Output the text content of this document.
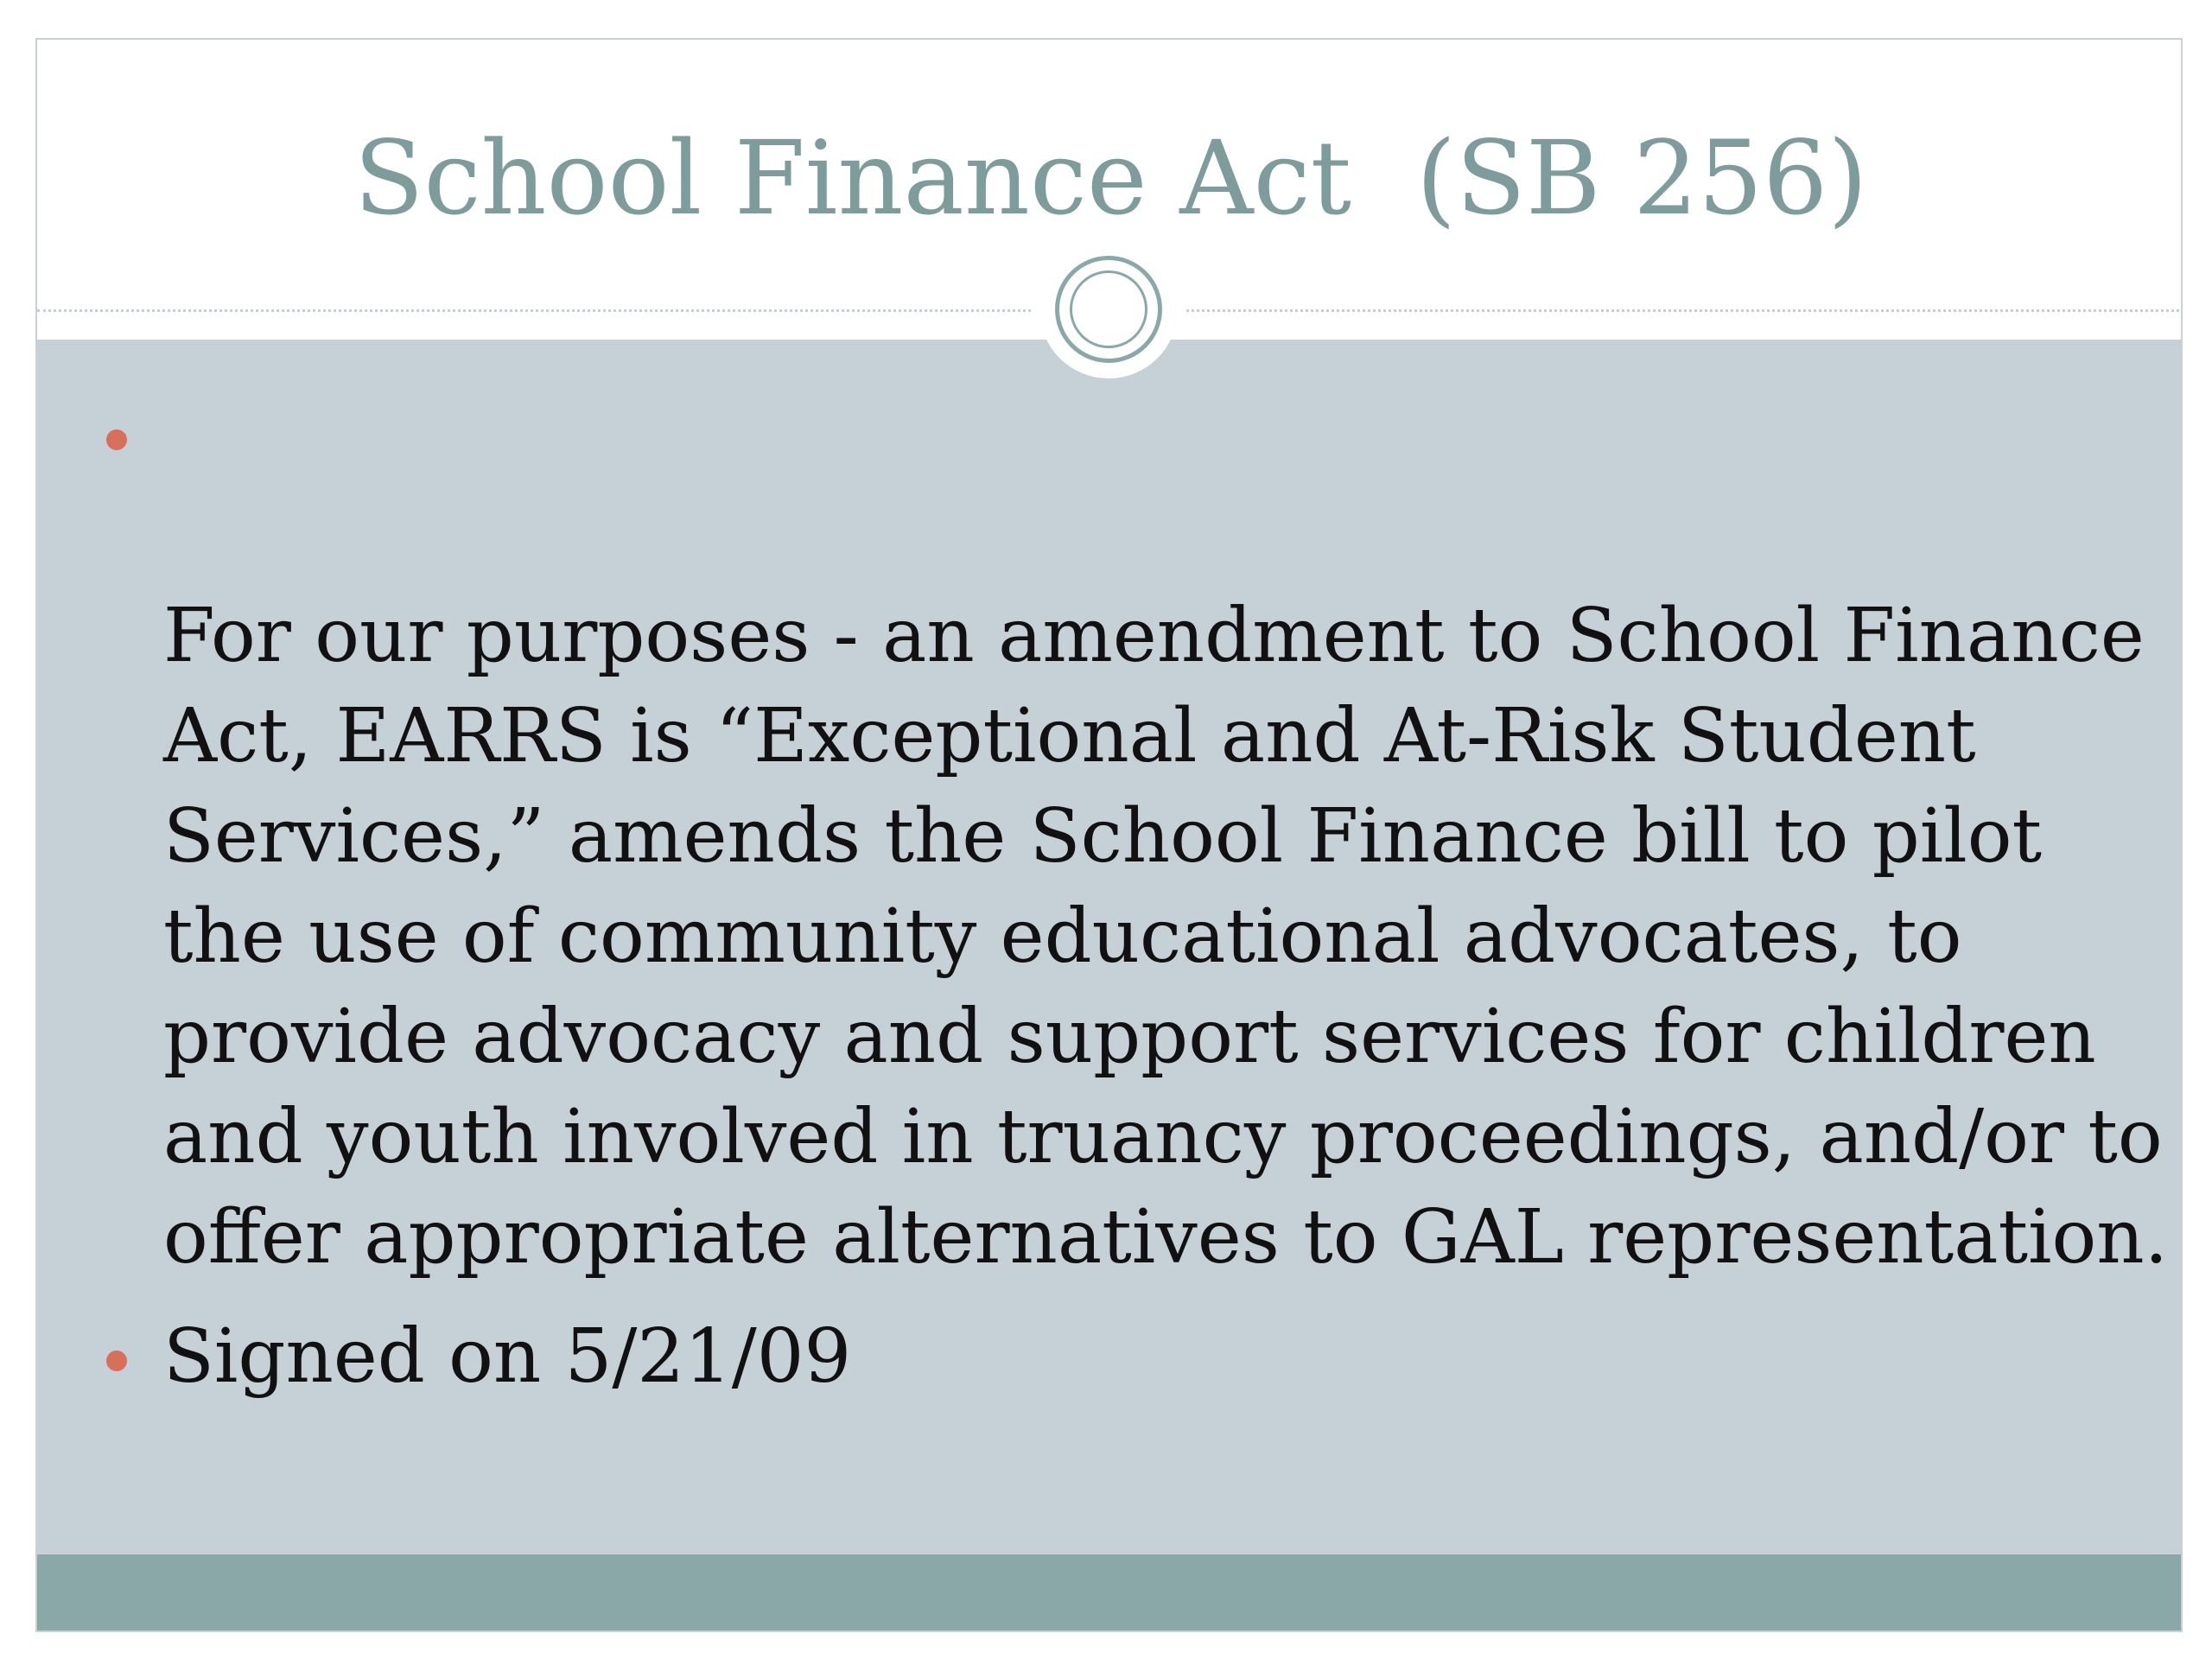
School Finance Act  (SB 256)

For our purposes - an amendment to School Finance
Act, EARRS is “Exceptional and At-Risk Student
Services,” amends the School Finance bill to pilot
the use of community educational advocates, to
provide advocacy and support services for children
and youth involved in truancy proceedings, and/or to
offer appropriate alternatives to GAL representation.

Signed on 5/21/09
